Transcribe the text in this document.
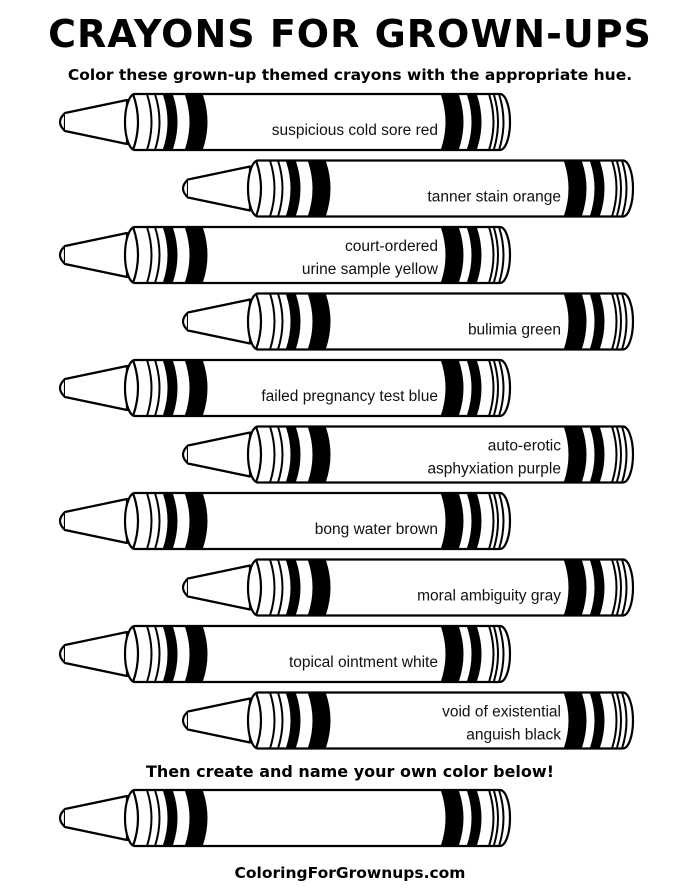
CRAYONS FOR GROWN-UPS
Color these grown-up themed crayons with the appropriate hue.
suspicious cold sore red
tanner stain orange
court-ordered
urine sample yellow
bulimia green
failed pregnancy test blue
auto-erotic
asphyxiation purple
bong water brown
moral ambiguity gray
topical ointment white
void of existential
anguish black
Then create and name your own color below!
ColoringForGrownups.com
